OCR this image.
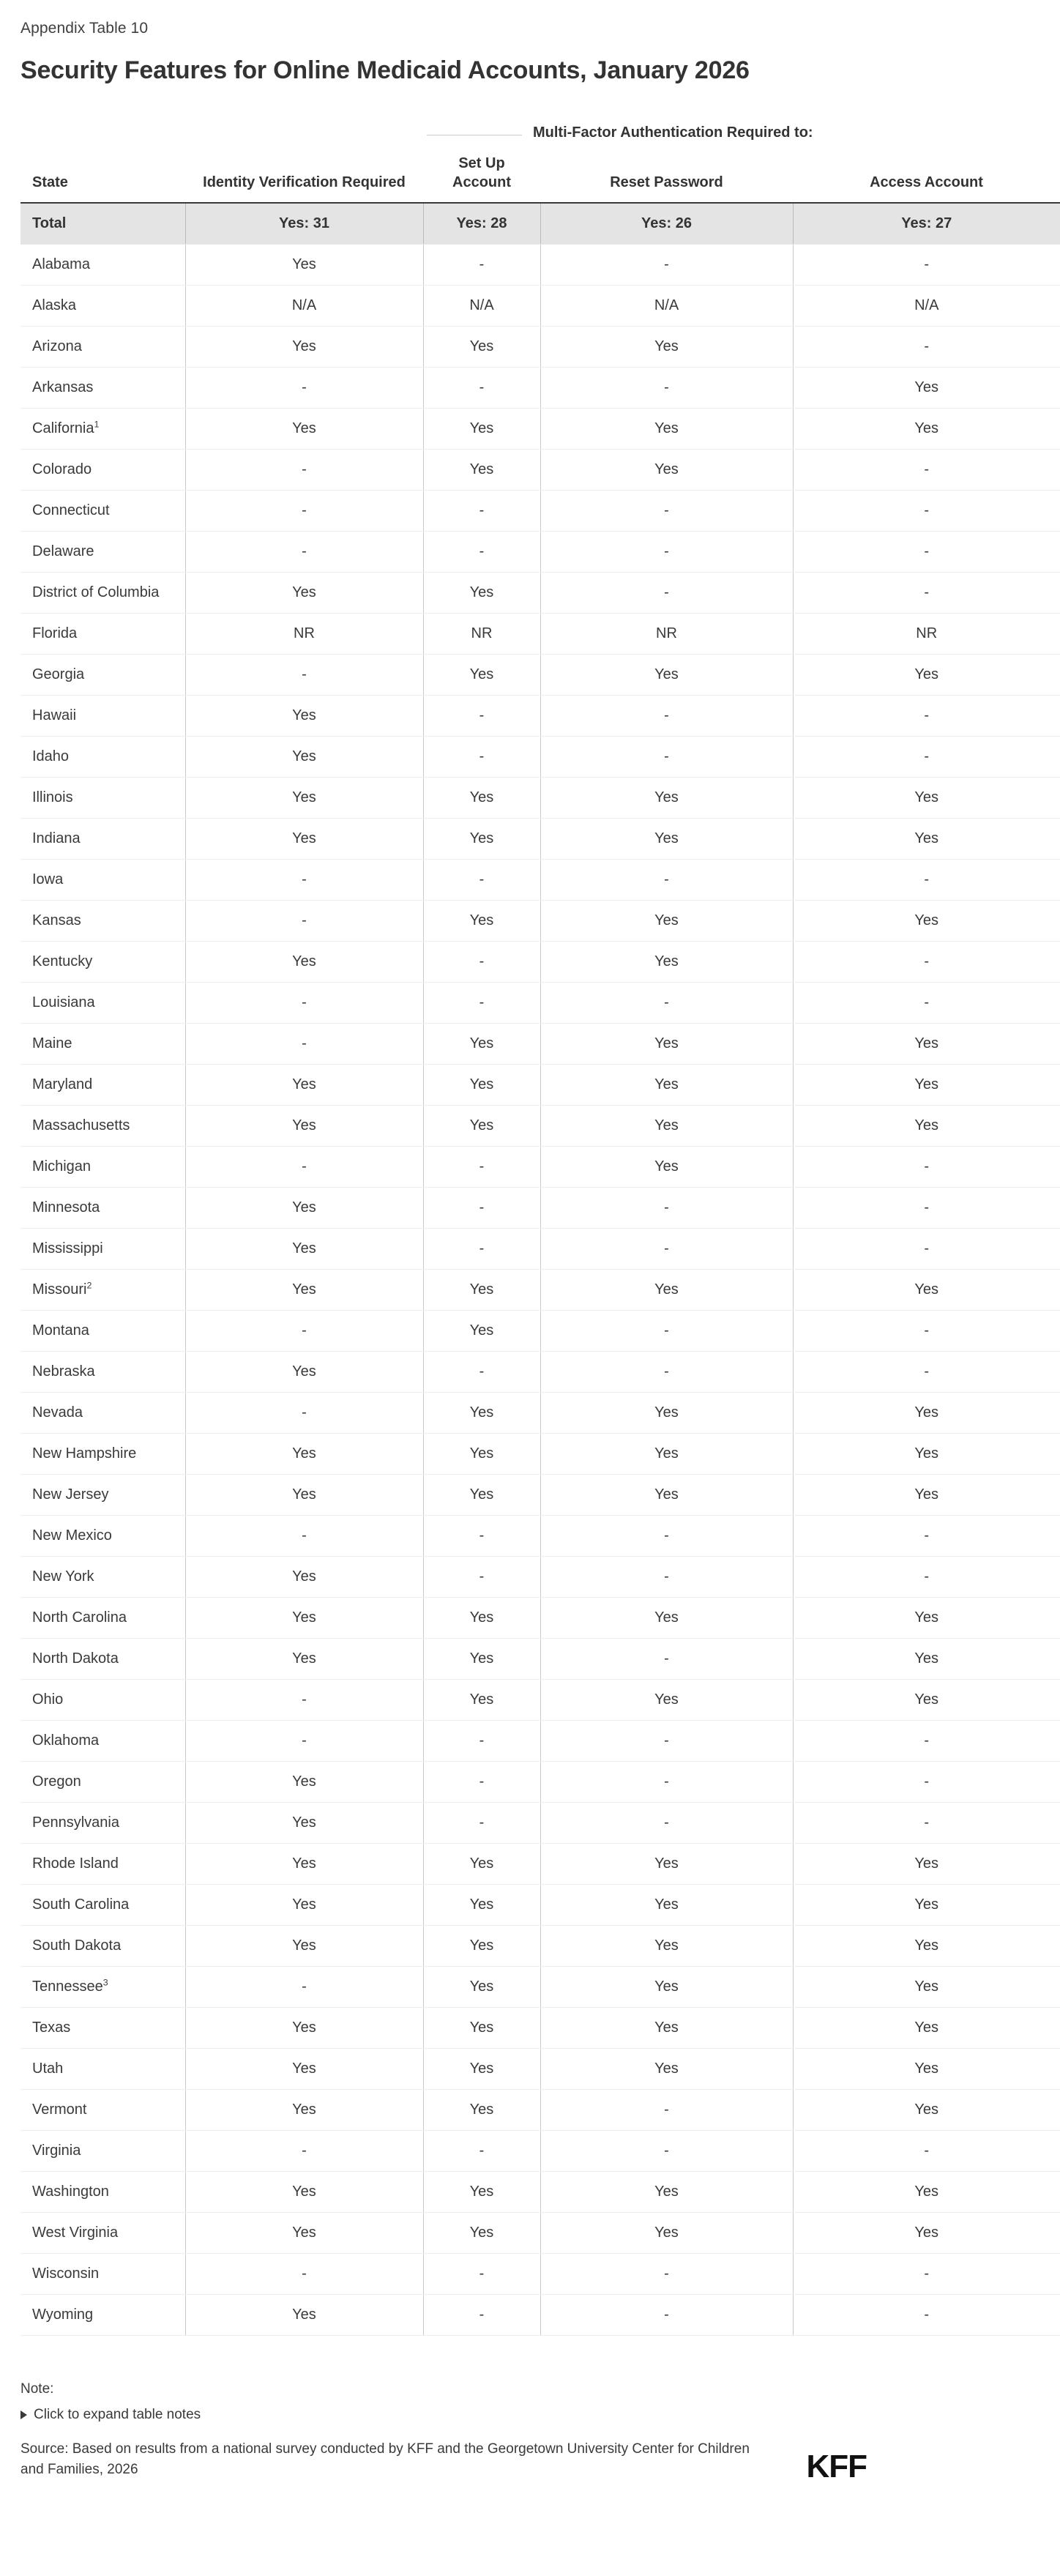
Appendix Table 10
Security Features for Online Medicaid Accounts, January 2026
Multi-Factor Authentication Required to:
State	Identity Verification Required	Set Up Account	Reset Password	Access Account
Total	Yes: 31	Yes: 28	Yes: 26	Yes: 27
Alabama	Yes	-	-	-
Alaska	N/A	N/A	N/A	N/A
Arizona	Yes	Yes	Yes	-
Arkansas	-	-	-	Yes
California$^1$	Yes	Yes	Yes	Yes
Colorado	-	Yes	Yes	-
Connecticut	-	-	-	-
Delaware	-	-	-	-
District of Columbia	Yes	Yes	-	-
Florida	NR	NR	NR	NR
Georgia	-	Yes	Yes	Yes
Hawaii	Yes	-	-	-
Idaho	Yes	-	-	-
Illinois	Yes	Yes	Yes	Yes
Indiana	Yes	Yes	Yes	Yes
Iowa	-	-	-	-
Kansas	-	Yes	Yes	Yes
Kentucky	Yes	-	Yes	-
Louisiana	-	-	-	-
Maine	-	Yes	Yes	Yes
Maryland	Yes	Yes	Yes	Yes
Massachusetts	Yes	Yes	Yes	Yes
Michigan	-	-	Yes	-
Minnesota	Yes	-	-	-
Mississippi	Yes	-	-	-
Missouri$^2$	Yes	Yes	Yes	Yes
Montana	-	Yes	-	-
Nebraska	Yes	-	-	-
Nevada	-	Yes	Yes	Yes
New Hampshire	Yes	Yes	Yes	Yes
New Jersey	Yes	Yes	Yes	Yes
New Mexico	-	-	-	-
New York	Yes	-	-	-
North Carolina	Yes	Yes	Yes	Yes
North Dakota	Yes	Yes	-	Yes
Ohio	-	Yes	Yes	Yes
Oklahoma	-	-	-	-
Oregon	Yes	-	-	-
Pennsylvania	Yes	-	-	-
Rhode Island	Yes	Yes	Yes	Yes
South Carolina	Yes	Yes	Yes	Yes
South Dakota	Yes	Yes	Yes	Yes
Tennessee$^3$	-	Yes	Yes	Yes
Texas	Yes	Yes	Yes	Yes
Utah	Yes	Yes	Yes	Yes
Vermont	Yes	Yes	-	Yes
Virginia	-	-	-	-
Washington	Yes	Yes	Yes	Yes
West Virginia	Yes	Yes	Yes	Yes
Wisconsin	-	-	-	-
Wyoming	Yes	-	-	-
Note:
Click to expand table notes
Source: Based on results from a national survey conducted by KFF and the Georgetown University Center for Children and Families, 2026	KFF
